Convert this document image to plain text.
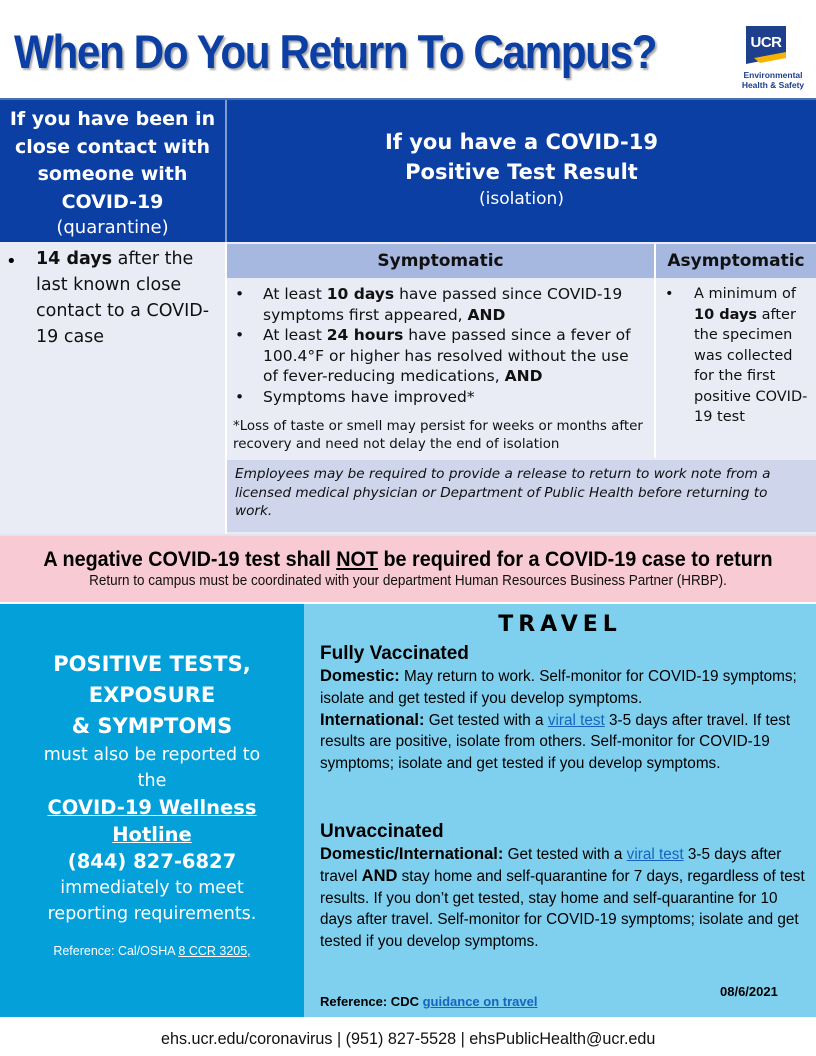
When Do You Return To Campus?	UCR
Environmental
Health & Safety
If you have been in
close contact with
someone with
COVID-19
(quarantine)
If you have a COVID-19
Positive Test Result
(isolation)
• 14 days after the last known close contact to a COVID-19 case
Symptomatic	Asymptomatic
• At least 10 days have passed since COVID-19 symptoms first appeared, AND
• At least 24 hours have passed since a fever of 100.4°F or higher has resolved without the use of fever-reducing medications, AND
• Symptoms have improved*
*Loss of taste or smell may persist for weeks or months after recovery and need not delay the end of isolation
• A minimum of 10 days after the specimen was collected for the first positive COVID-19 test
Employees may be required to provide a release to return to work note from a licensed medical physician or Department of Public Health before returning to work.
A negative COVID-19 test shall NOT be required for a COVID-19 case to return
Return to campus must be coordinated with your department Human Resources Business Partner (HRBP).
POSITIVE TESTS,
EXPOSURE
& SYMPTOMS
must also be reported to
the
COVID-19 Wellness
Hotline
(844) 827-6827
immediately to meet
reporting requirements.
Reference: Cal/OSHA 8 CCR 3205,
TRAVEL
Fully Vaccinated
Domestic: May return to work. Self-monitor for COVID-19 symptoms; isolate and get tested if you develop symptoms.
International: Get tested with a viral test 3-5 days after travel. If test results are positive, isolate from others. Self-monitor for COVID-19 symptoms; isolate and get tested if you develop symptoms.
Unvaccinated
Domestic/International: Get tested with a viral test 3-5 days after travel AND stay home and self-quarantine for 7 days, regardless of test results. If you don’t get tested, stay home and self-quarantine for 10 days after travel. Self-monitor for COVID-19 symptoms; isolate and get tested if you develop symptoms.
08/6/2021
Reference: CDC guidance on travel
ehs.ucr.edu/coronavirus | (951) 827-5528 | ehsPublicHealth@ucr.edu
